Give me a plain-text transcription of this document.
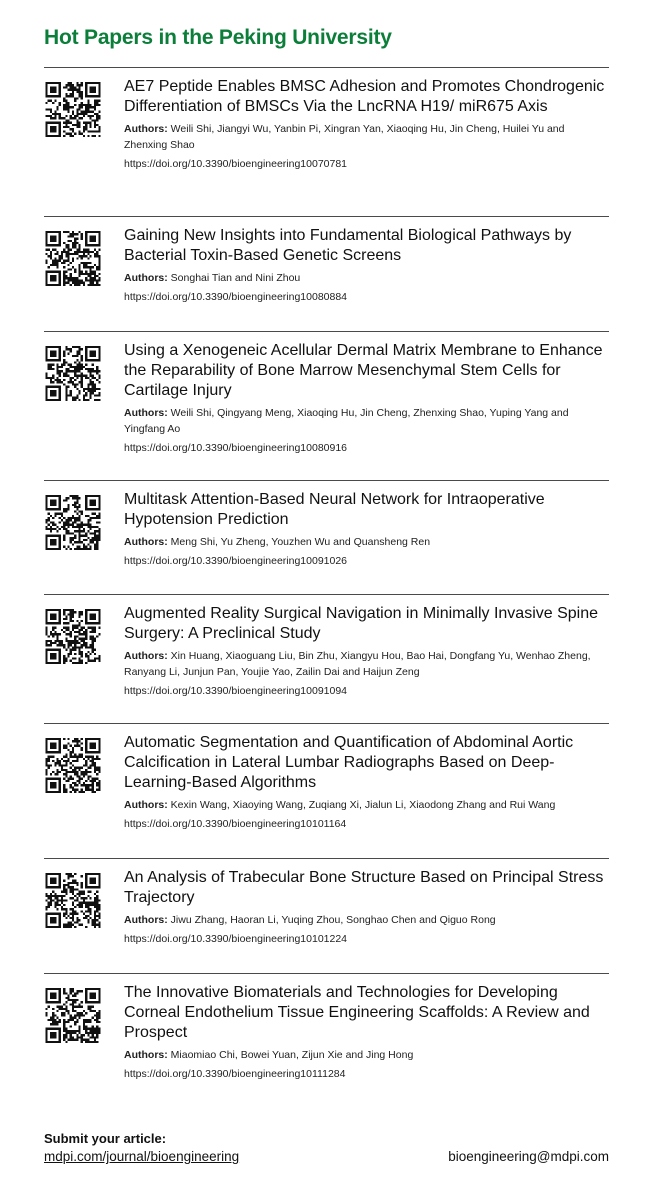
Hot Papers in the Peking University
AE7 Peptide Enables BMSC Adhesion and Promotes Chondrogenic Differentiation of BMSCs Via the LncRNA H19/ miR675 Axis

Authors: Weili Shi, Jiangyi Wu, Yanbin Pi, Xingran Yan, Xiaoqing Hu, Jin Cheng, Huilei Yu and Zhenxing Shao

https://doi.org/10.3390/bioengineering10070781
Gaining New Insights into Fundamental Biological Pathways by Bacterial Toxin-Based Genetic Screens

Authors: Songhai Tian and Nini Zhou

https://doi.org/10.3390/bioengineering10080884
Using a Xenogeneic Acellular Dermal Matrix Membrane to Enhance the Reparability of Bone Marrow Mesenchymal Stem Cells for Cartilage Injury

Authors: Weili Shi, Qingyang Meng, Xiaoqing Hu, Jin Cheng, Zhenxing Shao, Yuping Yang and Yingfang Ao

https://doi.org/10.3390/bioengineering10080916
Multitask Attention-Based Neural Network for Intraoperative Hypotension Prediction

Authors: Meng Shi, Yu Zheng, Youzhen Wu and Quansheng Ren

https://doi.org/10.3390/bioengineering10091026
Augmented Reality Surgical Navigation in Minimally Invasive Spine Surgery: A Preclinical Study

Authors: Xin Huang, Xiaoguang Liu, Bin Zhu, Xiangyu Hou, Bao Hai, Dongfang Yu, Wenhao Zheng, Ranyang Li, Junjun Pan, Youjie Yao, Zailin Dai and Haijun Zeng

https://doi.org/10.3390/bioengineering10091094
Automatic Segmentation and Quantification of Abdominal Aortic Calcification in Lateral Lumbar Radiographs Based on Deep-Learning-Based Algorithms

Authors: Kexin Wang, Xiaoying Wang, Zuqiang Xi, Jialun Li, Xiaodong Zhang and Rui Wang

https://doi.org/10.3390/bioengineering10101164
An Analysis of Trabecular Bone Structure Based on Principal Stress Trajectory

Authors: Jiwu Zhang, Haoran Li, Yuqing Zhou, Songhao Chen and Qiguo Rong

https://doi.org/10.3390/bioengineering10101224
The Innovative Biomaterials and Technologies for Developing Corneal Endothelium Tissue Engineering Scaffolds: A Review and Prospect

Authors: Miaomiao Chi, Bowei Yuan, Zijun Xie and Jing Hong

https://doi.org/10.3390/bioengineering10111284
Submit your article:
mdpi.com/journal/bioengineering	bioengineering@mdpi.com
